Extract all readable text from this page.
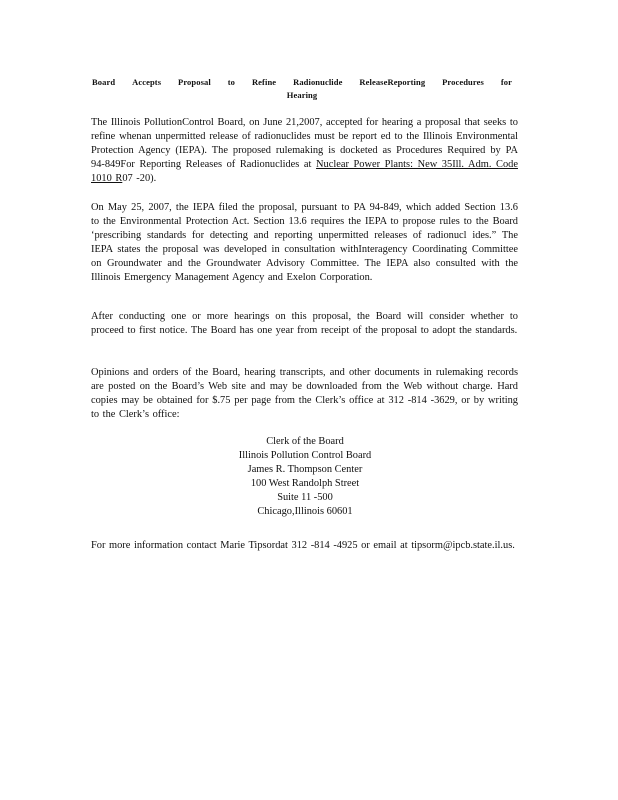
Board Accepts Proposal to Refine Radionuclide ReleaseReporting Procedures for
Hearing

The Illinois PollutionControl Board, on June 21,2007, accepted for hearing a proposal that seeks to refine whenan unpermitted release of radionuclides must be report ed to the Illinois Environmental Protection Agency (IEPA). The proposed rulemaking is docketed as Procedures Required by PA 94-849For Reporting Releases of Radionuclides at Nuclear Power Plants: New 35Ill. Adm. Code 1010 R07 -20).

On May 25, 2007, the IEPA filed the proposal, pursuant to PA 94-849, which added Section 13.6 to the Environmental Protection Act. Section 13.6 requires the IEPA to propose rules to the Board ‘prescribing standards for detecting and reporting unpermitted releases of radionucl ides.” The IEPA states the proposal was developed in consultation withInteragency Coordinating Committee on Groundwater and the Groundwater Advisory Committee. The IEPA also consulted with the Illinois Emergency Management Agency and Exelon Corporation.

After conducting one or more hearings on this proposal, the Board will consider whether to proceed to first notice. The Board has one year from receipt of the proposal to adopt the standards.

Opinions and orders of the Board, hearing transcripts, and other documents in rulemaking records are posted on the Board’s Web site and may be downloaded from the Web without charge. Hard copies may be obtained for $.75 per page from the Clerk’s office at 312 -814 -3629, or by writing to the Clerk’s office:

Clerk of the Board
Illinois Pollution Control Board
James R. Thompson Center
100 West Randolph Street
Suite 11 -500
Chicago,Illinois 60601

For more information contact Marie Tipsordat 312 -814 -4925 or email at tipsorm@ipcb.state.il.us.
